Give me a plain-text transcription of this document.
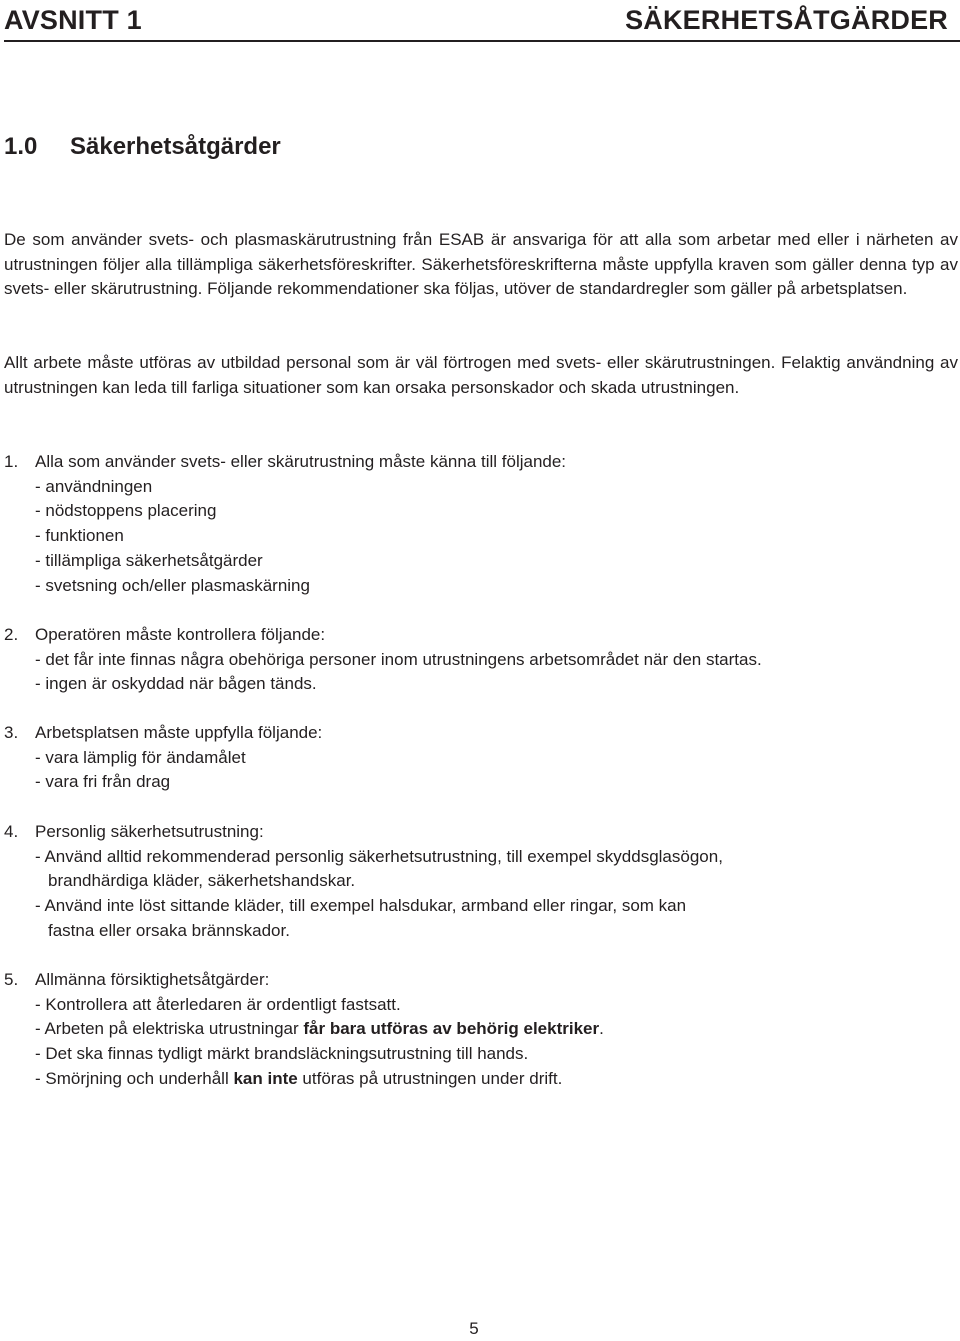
AVSNITT 1	SÄKERHETSÅTGÄRDER
1.0 Säkerhetsåtgärder
De som använder svets- och plasmaskärutrustning från ESAB är ansvariga för att alla som arbetar med eller i närheten av utrustningen följer alla tillämpliga säkerhetsföreskrifter. Säkerhetsföreskrifterna måste uppfylla kraven som gäller denna typ av svets- eller skärutrustning. Följande rekommendationer ska följas, utöver de standardregler som gäller på arbetsplatsen.
Allt arbete måste utföras av utbildad personal som är väl förtrogen med svets- eller skärutrustningen. Felaktig användning av utrustningen kan leda till farliga situationer som kan orsaka personskador och skada utrustningen.
1. Alla som använder svets- eller skärutrustning måste känna till följande:
- användningen
- nödstoppens placering
- funktionen
- tillämpliga säkerhetsåtgärder
- svetsning och/eller plasmaskärning
2. Operatören måste kontrollera följande:
- det får inte finnas några obehöriga personer inom utrustningens arbetsområdet när den startas.
- ingen är oskyddad när bågen tänds.
3. Arbetsplatsen måste uppfylla följande:
- vara lämplig för ändamålet
- vara fri från drag
4. Personlig säkerhetsutrustning:
- Använd alltid rekommenderad personlig säkerhetsutrustning, till exempel skyddsglasögon,
brandhärdiga kläder, säkerhetshandskar.
- Använd inte löst sittande kläder, till exempel halsdukar, armband eller ringar, som kan
fastna eller orsaka brännskador.
5. Allmänna försiktighetsåtgärder:
- Kontrollera att återledaren är ordentligt fastsatt.
- Arbeten på elektriska utrustningar får bara utföras av behörig elektriker.
- Det ska finnas tydligt märkt brandsläckningsutrustning till hands.
- Smörjning och underhåll kan inte utföras på utrustningen under drift.
5
